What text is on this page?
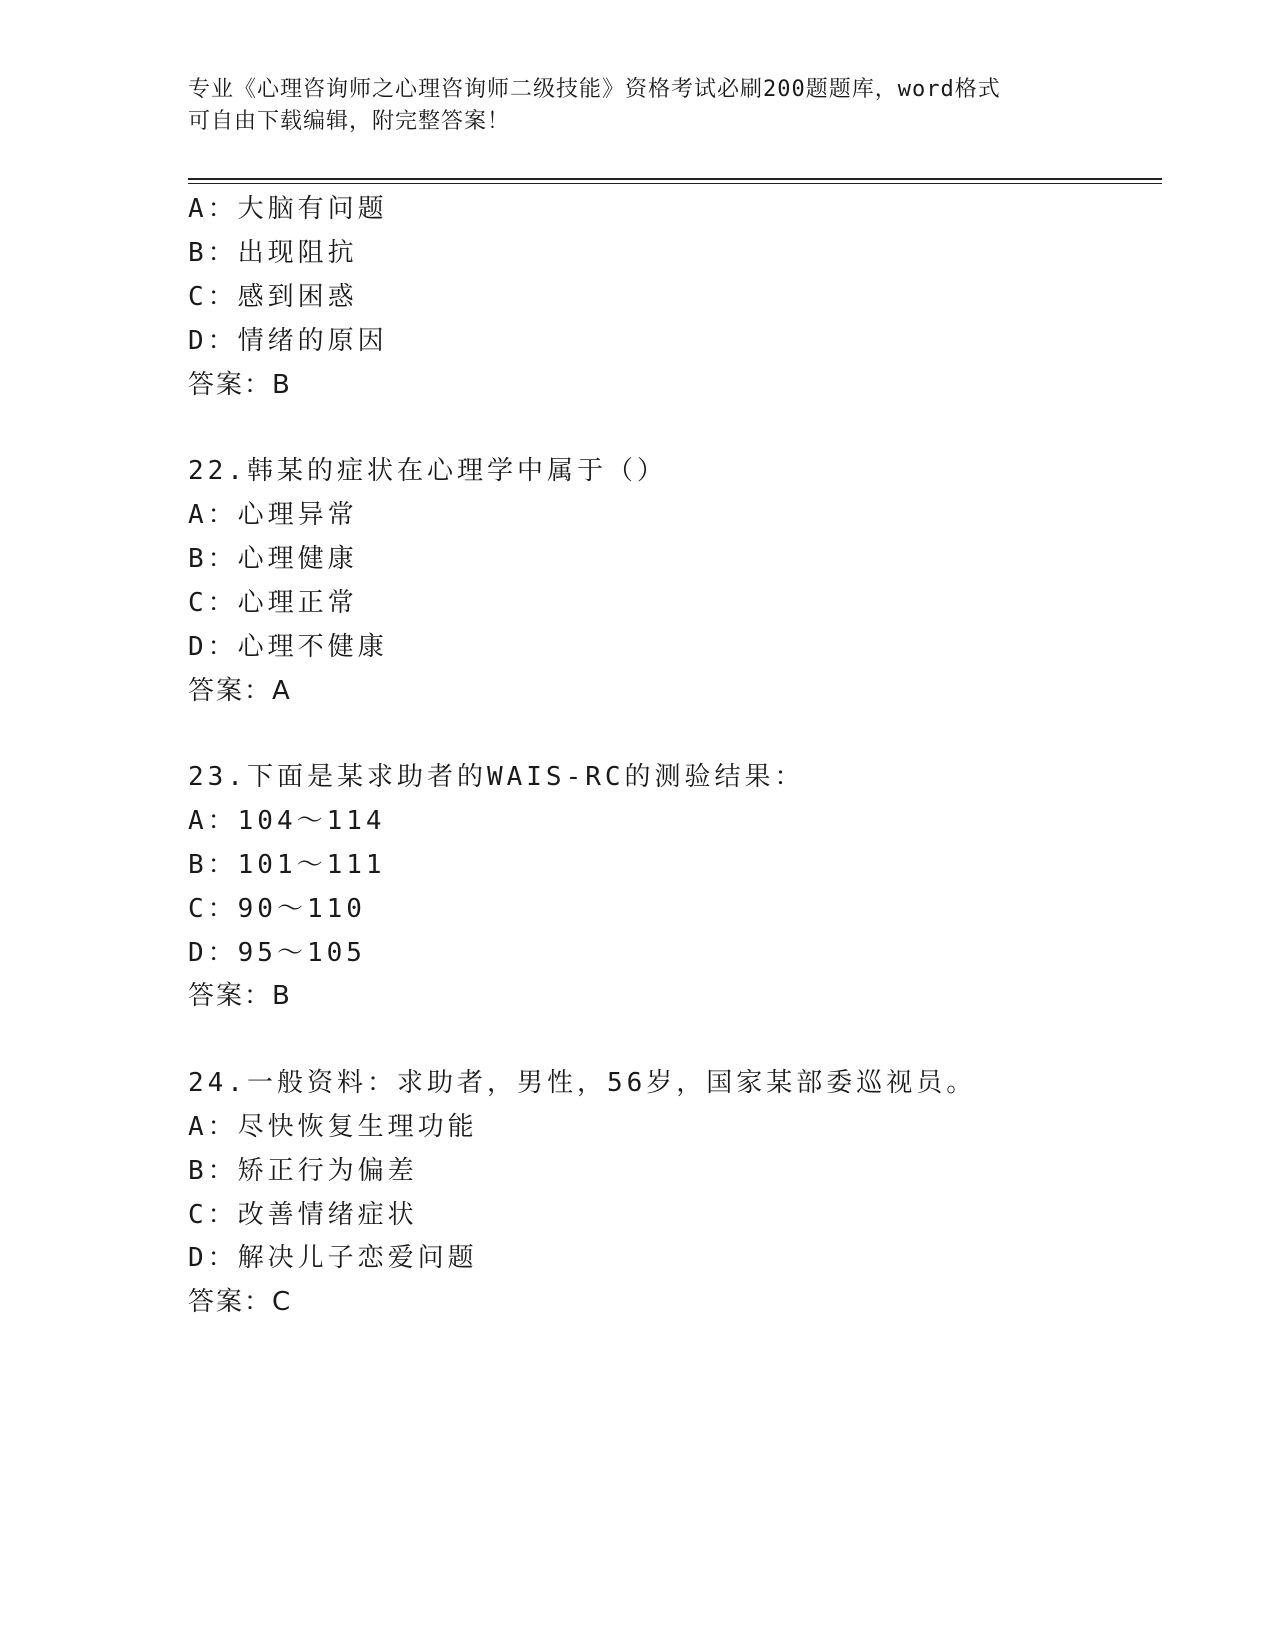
专业《心理咨询师之心理咨询师二级技能》资格考试必刷200题题库，word格式
可自由下载编辑，附完整答案！
A：大脑有问题
B：出现阻抗
C：感到困惑
D：情绪的原因
答案：B
22.韩某的症状在心理学中属于（）
A：心理异常
B：心理健康
C：心理正常
D：心理不健康
答案：A
23.下面是某求助者的WAIS-RC的测验结果：
A：104～114
B：101～111
C：90～110
D：95～105
答案：B
24.一般资料：求助者，男性，56岁，国家某部委巡视员。
A：尽快恢复生理功能
B：矫正行为偏差
C：改善情绪症状
D：解决儿子恋爱问题
答案：C
